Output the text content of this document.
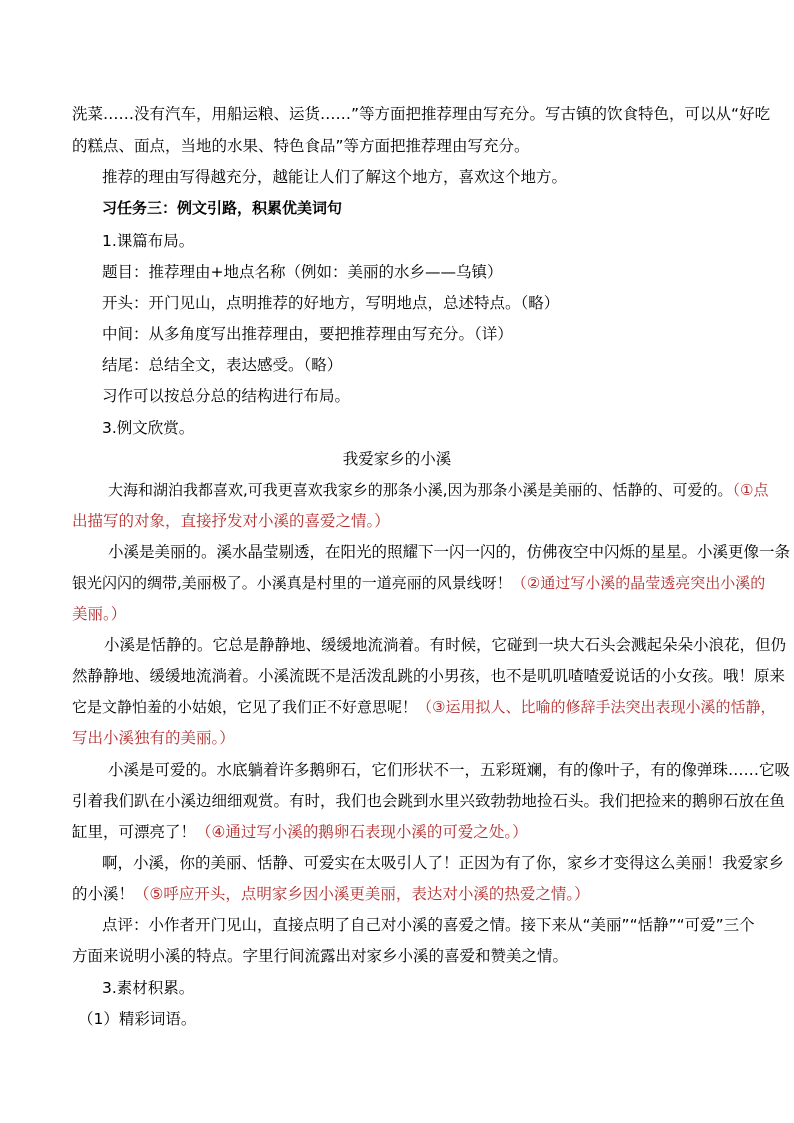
洗菜……没有汽车，用船运粮、运货……”等方面把推荐理由写充分。写古镇的饮食特色，可以从“好吃
的糕点、面点，当地的水果、特色食品”等方面把推荐理由写充分。
推荐的理由写得越充分，越能让人们了解这个地方，喜欢这个地方。
习任务三：例文引路，积累优美词句
1.课篇布局。
题目：推荐理由+地点名称（例如：美丽的水乡——乌镇）
开头：开门见山，点明推荐的好地方，写明地点，总述特点。（略）
中间：从多角度写出推荐理由，要把推荐理由写充分。（详）
结尾：总结全文，表达感受。（略）
习作可以按总分总的结构进行布局。
3.例文欣赏。
我爱家乡的小溪
大海和湖泊我都喜欢,可我更喜欢我家乡的那条小溪,因为那条小溪是美丽的、恬静的、可爱的。（①点
出描写的对象，直接抒发对小溪的喜爱之情。）
小溪是美丽的。溪水晶莹剔透，在阳光的照耀下一闪一闪的，仿佛夜空中闪烁的星星。小溪更像一条
银光闪闪的绸带,美丽极了。小溪真是村里的一道亮丽的风景线呀！（②通过写小溪的晶莹透亮突出小溪的
美丽。）
小溪是恬静的。它总是静静地、缓缓地流淌着。有时候，它碰到一块大石头会溅起朵朵小浪花，但仍
然静静地、缓缓地流淌着。小溪流既不是活泼乱跳的小男孩，也不是叽叽喳喳爱说话的小女孩。哦！原来
它是文静怕羞的小姑娘，它见了我们正不好意思呢！（③运用拟人、比喻的修辞手法突出表现小溪的恬静，
写出小溪独有的美丽。）
小溪是可爱的。水底躺着许多鹅卵石，它们形状不一，五彩斑斓，有的像叶子，有的像弹珠……它吸
引着我们趴在小溪边细细观赏。有时，我们也会跳到水里兴致勃勃地捡石头。我们把捡来的鹅卵石放在鱼
缸里，可漂亮了！（④通过写小溪的鹅卵石表现小溪的可爱之处。）
啊，小溪，你的美丽、恬静、可爱实在太吸引人了！正因为有了你，家乡才变得这么美丽！我爱家乡
的小溪！（⑤呼应开头，点明家乡因小溪更美丽，表达对小溪的热爱之情。）
点评：小作者开门见山，直接点明了自己对小溪的喜爱之情。接下来从“美丽”“恬静”“可爱”三个
方面来说明小溪的特点。字里行间流露出对家乡小溪的喜爱和赞美之情。
3.素材积累。
（1）精彩词语。
